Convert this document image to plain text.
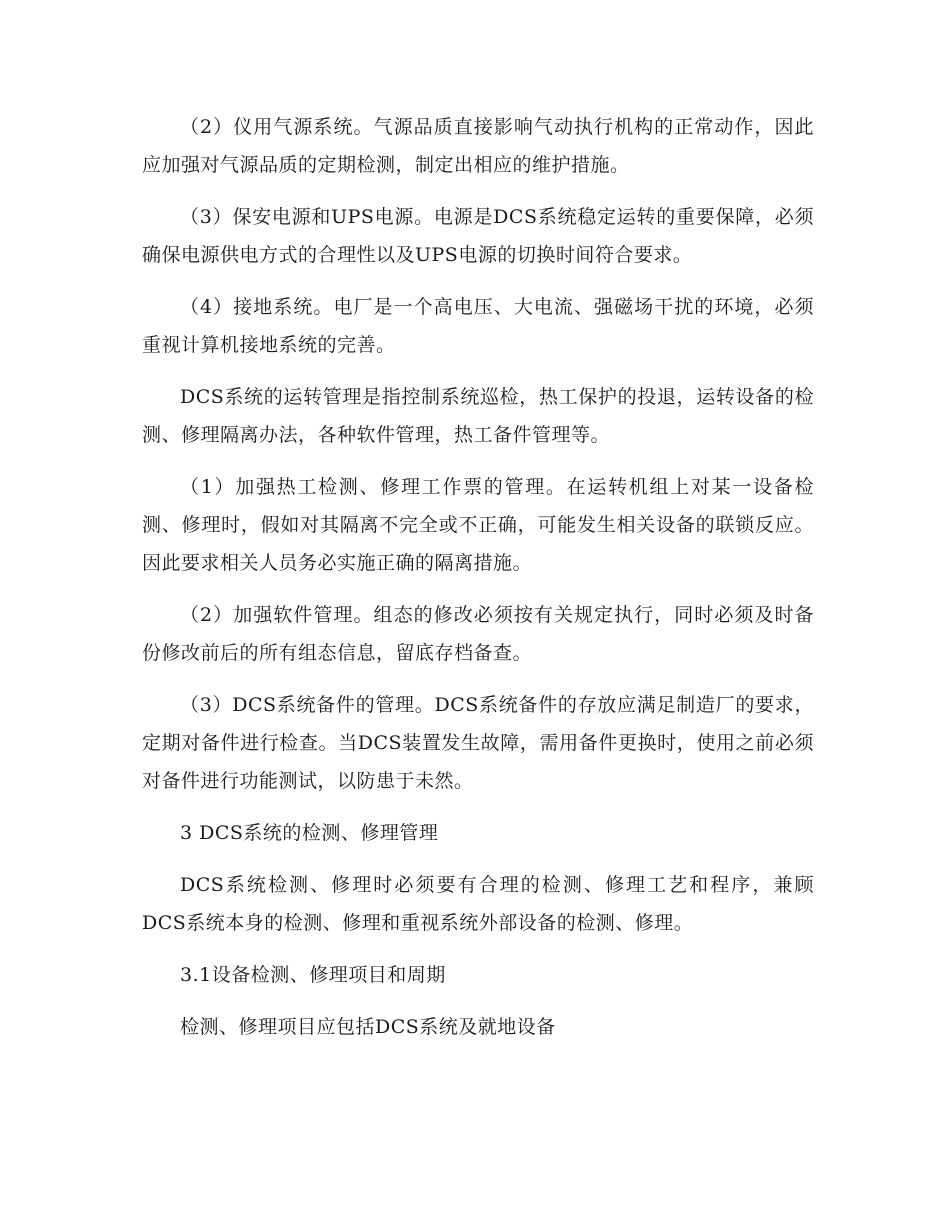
（2）仪用气源系统。气源品质直接影响气动执行机构的正常动作，因此应加强对气源品质的定期检测，制定出相应的维护措施。

（3）保安电源和UPS电源。电源是DCS系统稳定运转的重要保障，必须确保电源供电方式的合理性以及UPS电源的切换时间符合要求。

（4）接地系统。电厂是一个高电压、大电流、强磁场干扰的环境，必须重视计算机接地系统的完善。

DCS系统的运转管理是指控制系统巡检，热工保护的投退，运转设备的检测、修理隔离办法，各种软件管理，热工备件管理等。

（1）加强热工检测、修理工作票的管理。在运转机组上对某一设备检测、修理时，假如对其隔离不完全或不正确，可能发生相关设备的联锁反应。因此要求相关人员务必实施正确的隔离措施。

（2）加强软件管理。组态的修改必须按有关规定执行，同时必须及时备份修改前后的所有组态信息，留底存档备查。

（3）DCS系统备件的管理。DCS系统备件的存放应满足制造厂的要求，定期对备件进行检查。当DCS装置发生故障，需用备件更换时，使用之前必须对备件进行功能测试，以防患于未然。

3 DCS系统的检测、修理管理

DCS系统检测、修理时必须要有合理的检测、修理工艺和程序，兼顾DCS系统本身的检测、修理和重视系统外部设备的检测、修理。

3.1设备检测、修理项目和周期

检测、修理项目应包括DCS系统及就地设备
